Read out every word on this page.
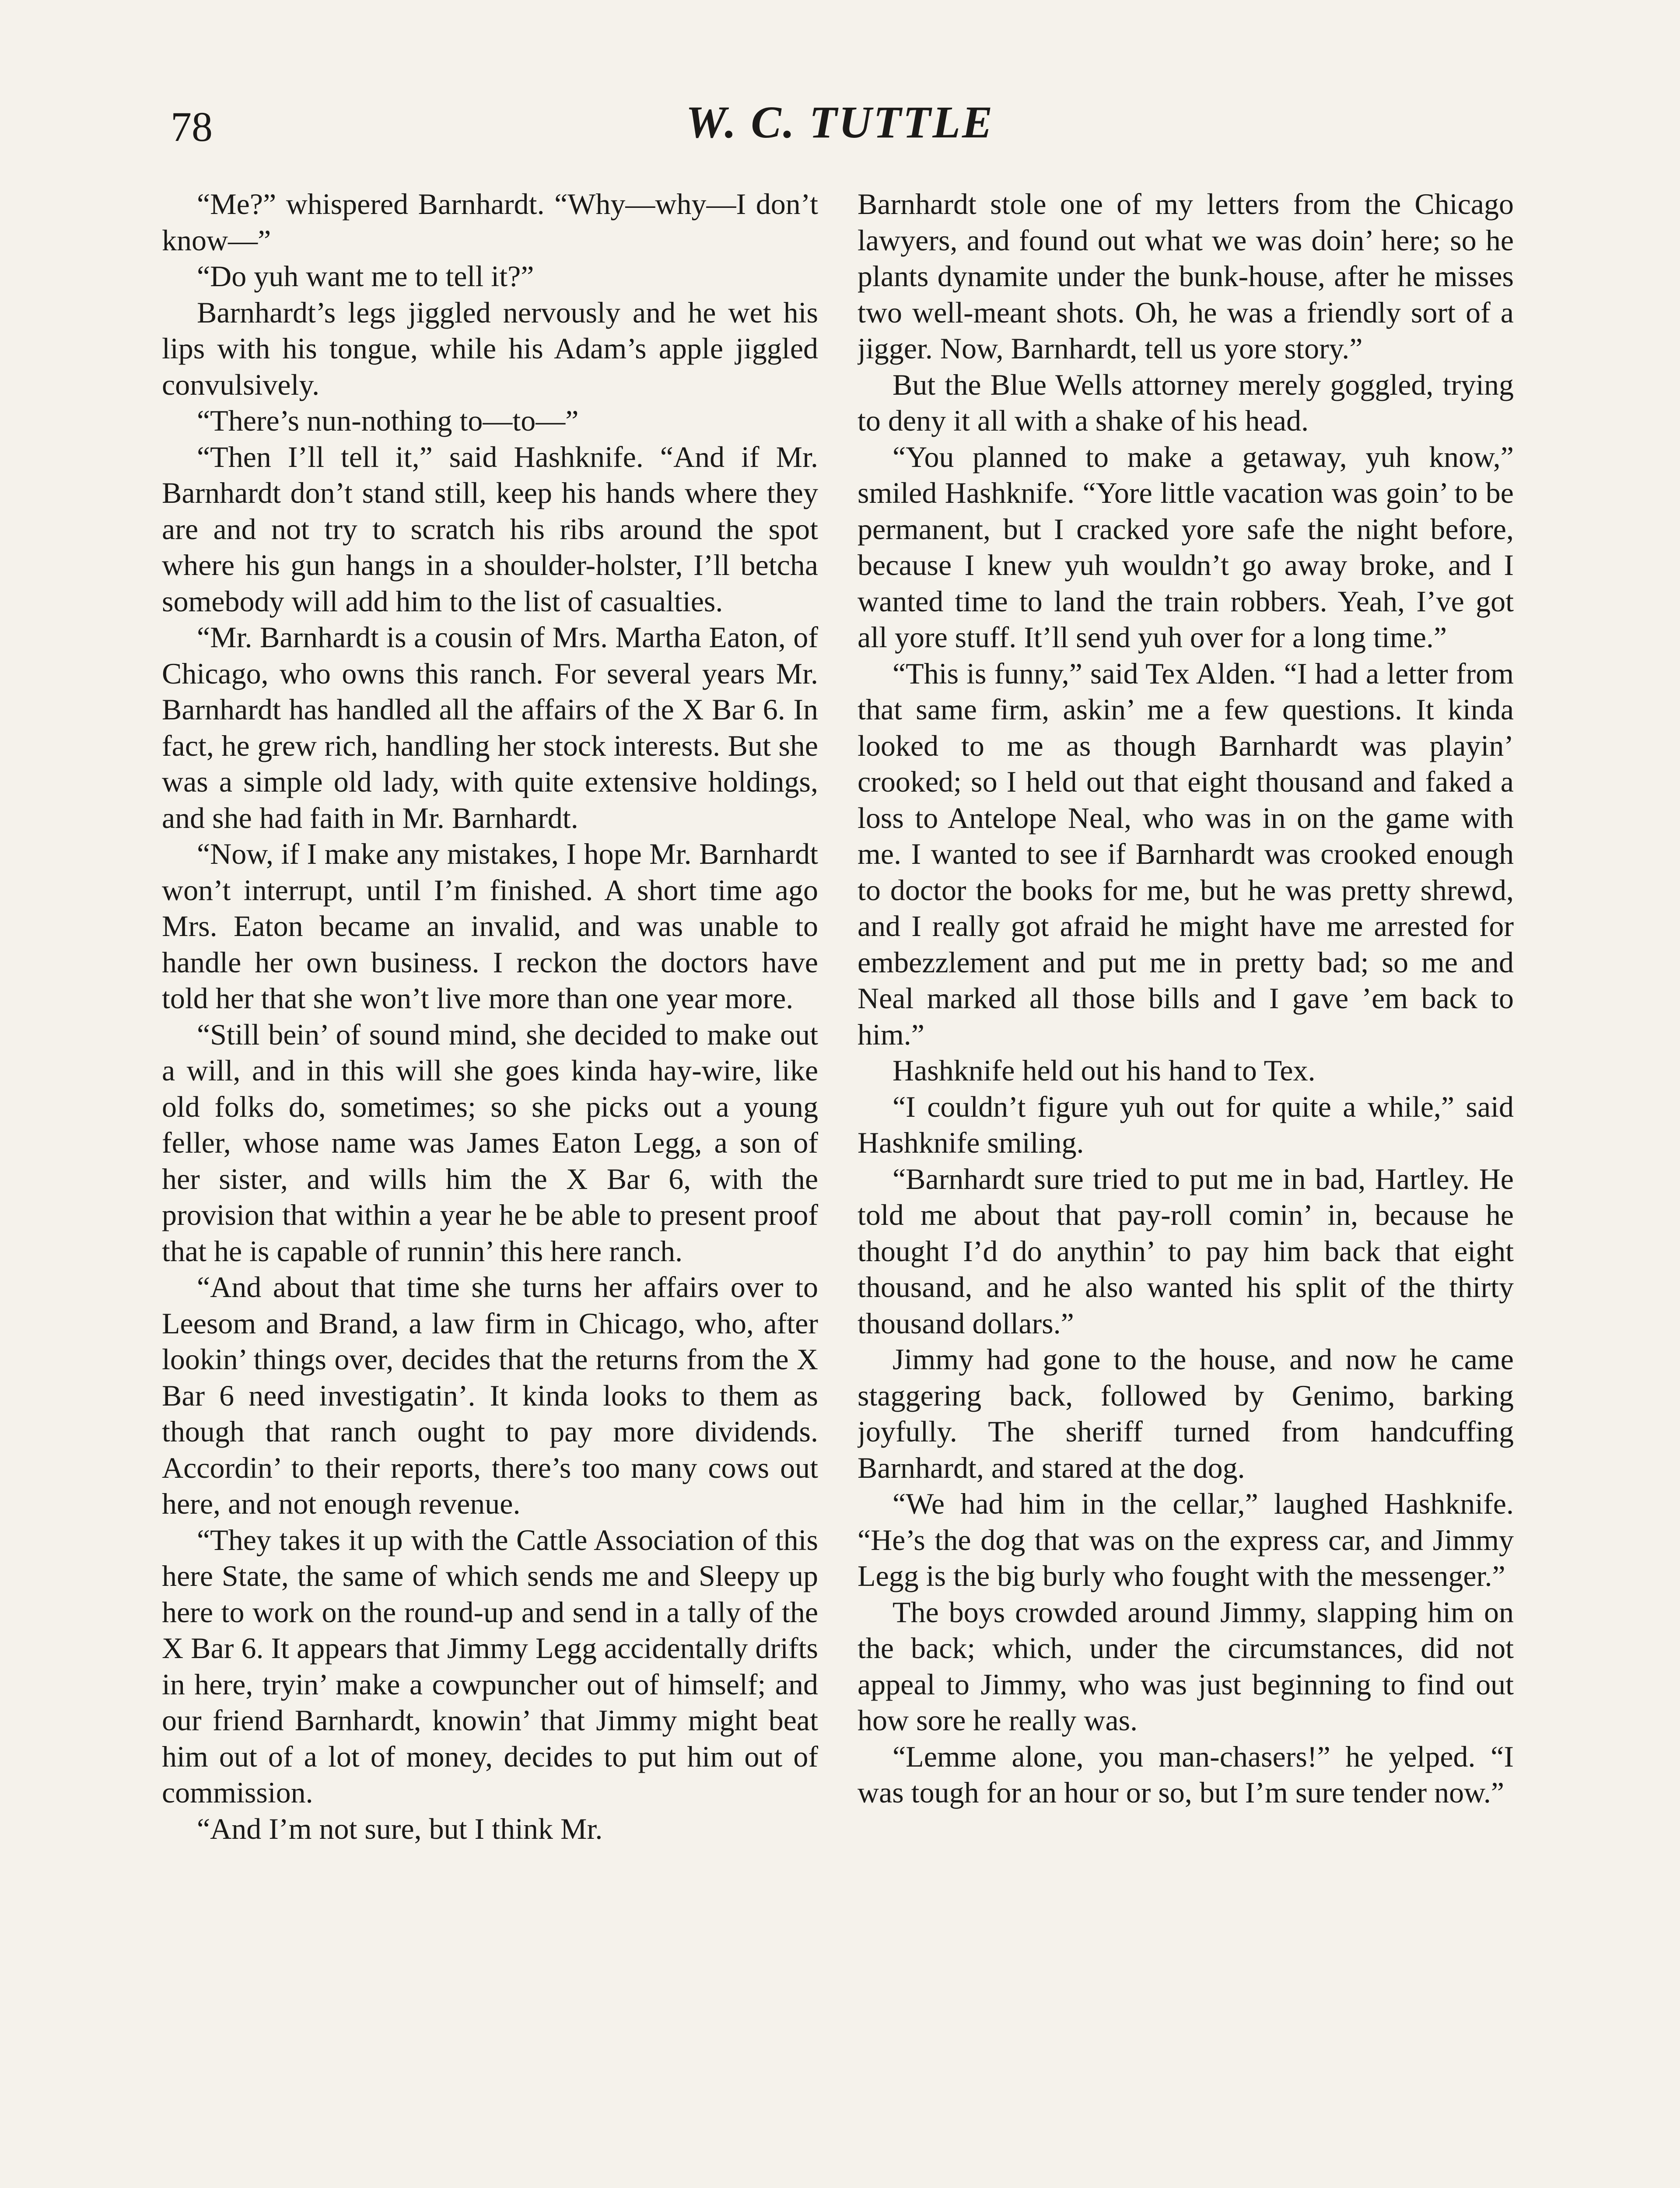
78	W. C. TUTTLE

“Me?” whispered Barnhardt. “Why—why—I don’t know—”

“Do yuh want me to tell it?”

Barnhardt’s legs jiggled nervously and he wet his lips with his tongue, while his Adam’s apple jiggled convulsively.

“There’s nun-nothing to—to—”

“Then I’ll tell it,” said Hashknife. “And if Mr. Barnhardt don’t stand still, keep his hands where they are and not try to scratch his ribs around the spot where his gun hangs in a shoulder-holster, I’ll betcha somebody will add him to the list of casualties.

“Mr. Barnhardt is a cousin of Mrs. Martha Eaton, of Chicago, who owns this ranch. For several years Mr. Barnhardt has handled all the affairs of the X Bar 6. In fact, he grew rich, handling her stock interests. But she was a simple old lady, with quite extensive holdings, and she had faith in Mr. Barnhardt.

“Now, if I make any mistakes, I hope Mr. Barnhardt won’t interrupt, until I’m finished. A short time ago Mrs. Eaton became an invalid, and was unable to handle her own business. I reckon the doctors have told her that she won’t live more than one year more.

“Still bein’ of sound mind, she decided to make out a will, and in this will she goes kinda hay-wire, like old folks do, sometimes; so she picks out a young feller, whose name was James Eaton Legg, a son of her sister, and wills him the X Bar 6, with the provision that within a year he be able to present proof that he is capable of runnin’ this here ranch.

“And about that time she turns her affairs over to Leesom and Brand, a law firm in Chicago, who, after lookin’ things over, decides that the returns from the X Bar 6 need investigatin’. It kinda looks to them as though that ranch ought to pay more dividends. Accordin’ to their reports, there’s too many cows out here, and not enough revenue.

“They takes it up with the Cattle Association of this here State, the same of which sends me and Sleepy up here to work on the round-up and send in a tally of the X Bar 6. It appears that Jimmy Legg accidentally drifts in here, tryin’ make a cowpuncher out of himself; and our friend Barnhardt, knowin’ that Jimmy might beat him out of a lot of money, decides to put him out of commission.

“And I’m not sure, but I think Mr.

Barnhardt stole one of my letters from the Chicago lawyers, and found out what we was doin’ here; so he plants dynamite under the bunk-house, after he misses two well-meant shots. Oh, he was a friendly sort of a jigger. Now, Barnhardt, tell us yore story.”

But the Blue Wells attorney merely goggled, trying to deny it all with a shake of his head.

“You planned to make a getaway, yuh know,” smiled Hashknife. “Yore little vacation was goin’ to be permanent, but I cracked yore safe the night before, because I knew yuh wouldn’t go away broke, and I wanted time to land the train robbers. Yeah, I’ve got all yore stuff. It’ll send yuh over for a long time.”

“This is funny,” said Tex Alden. “I had a letter from that same firm, askin’ me a few questions. It kinda looked to me as though Barnhardt was playin’ crooked; so I held out that eight thousand and faked a loss to Antelope Neal, who was in on the game with me. I wanted to see if Barnhardt was crooked enough to doctor the books for me, but he was pretty shrewd, and I really got afraid he might have me arrested for embezzlement and put me in pretty bad; so me and Neal marked all those bills and I gave ’em back to him.”

Hashknife held out his hand to Tex.

“I couldn’t figure yuh out for quite a while,” said Hashknife smiling.

“Barnhardt sure tried to put me in bad, Hartley. He told me about that pay-roll comin’ in, because he thought I’d do anythin’ to pay him back that eight thousand, and he also wanted his split of the thirty thousand dollars.”

Jimmy had gone to the house, and now he came staggering back, followed by Genimo, barking joyfully. The sheriff turned from handcuffing Barnhardt, and stared at the dog.

“We had him in the cellar,” laughed Hashknife. “He’s the dog that was on the express car, and Jimmy Legg is the big burly who fought with the messenger.”

The boys crowded around Jimmy, slapping him on the back; which, under the circumstances, did not appeal to Jimmy, who was just beginning to find out how sore he really was.

“Lemme alone, you man-chasers!” he yelped. “I was tough for an hour or so, but I’m sure tender now.”
